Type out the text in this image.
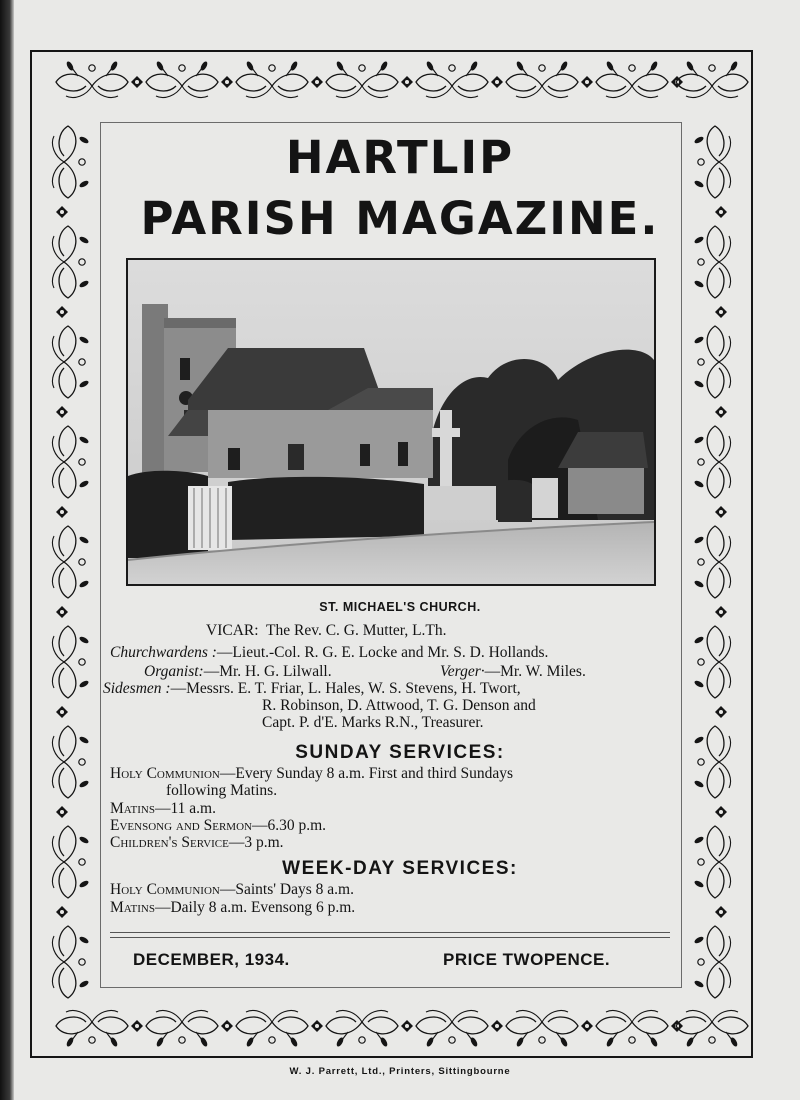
HARTLIP
PARISH MAGAZINE.
ST. MICHAEL'S CHURCH.
VICAR: The Rev. C. G. Mutter, L.Th.
Churchwardens :—Lieut.-Col. R. G. E. Locke and Mr. S. D. Hollands.
Organist:—Mr. H. G. Lilwall.	Verger·—Mr. W. Miles.
Sidesmen :—Messrs. E. T. Friar, L. Hales, W. S. Stevens, H. Twort,
R. Robinson, D. Attwood, T. G. Denson and
Capt. P. d'E. Marks R.N., Treasurer.
SUNDAY SERVICES:
Holy Communion—Every Sunday 8 a.m. First and third Sundays
following Matins.
Matins—11 a.m.
Evensong and Sermon—6.30 p.m.
Children's Service—3 p.m.
WEEK-DAY SERVICES:
Holy Communion—Saints' Days 8 a.m.
Matins—Daily 8 a.m. Evensong 6 p.m.
DECEMBER, 1934.	PRICE TWOPENCE.
W. J. Parrett, Ltd., Printers, Sittingbourne
